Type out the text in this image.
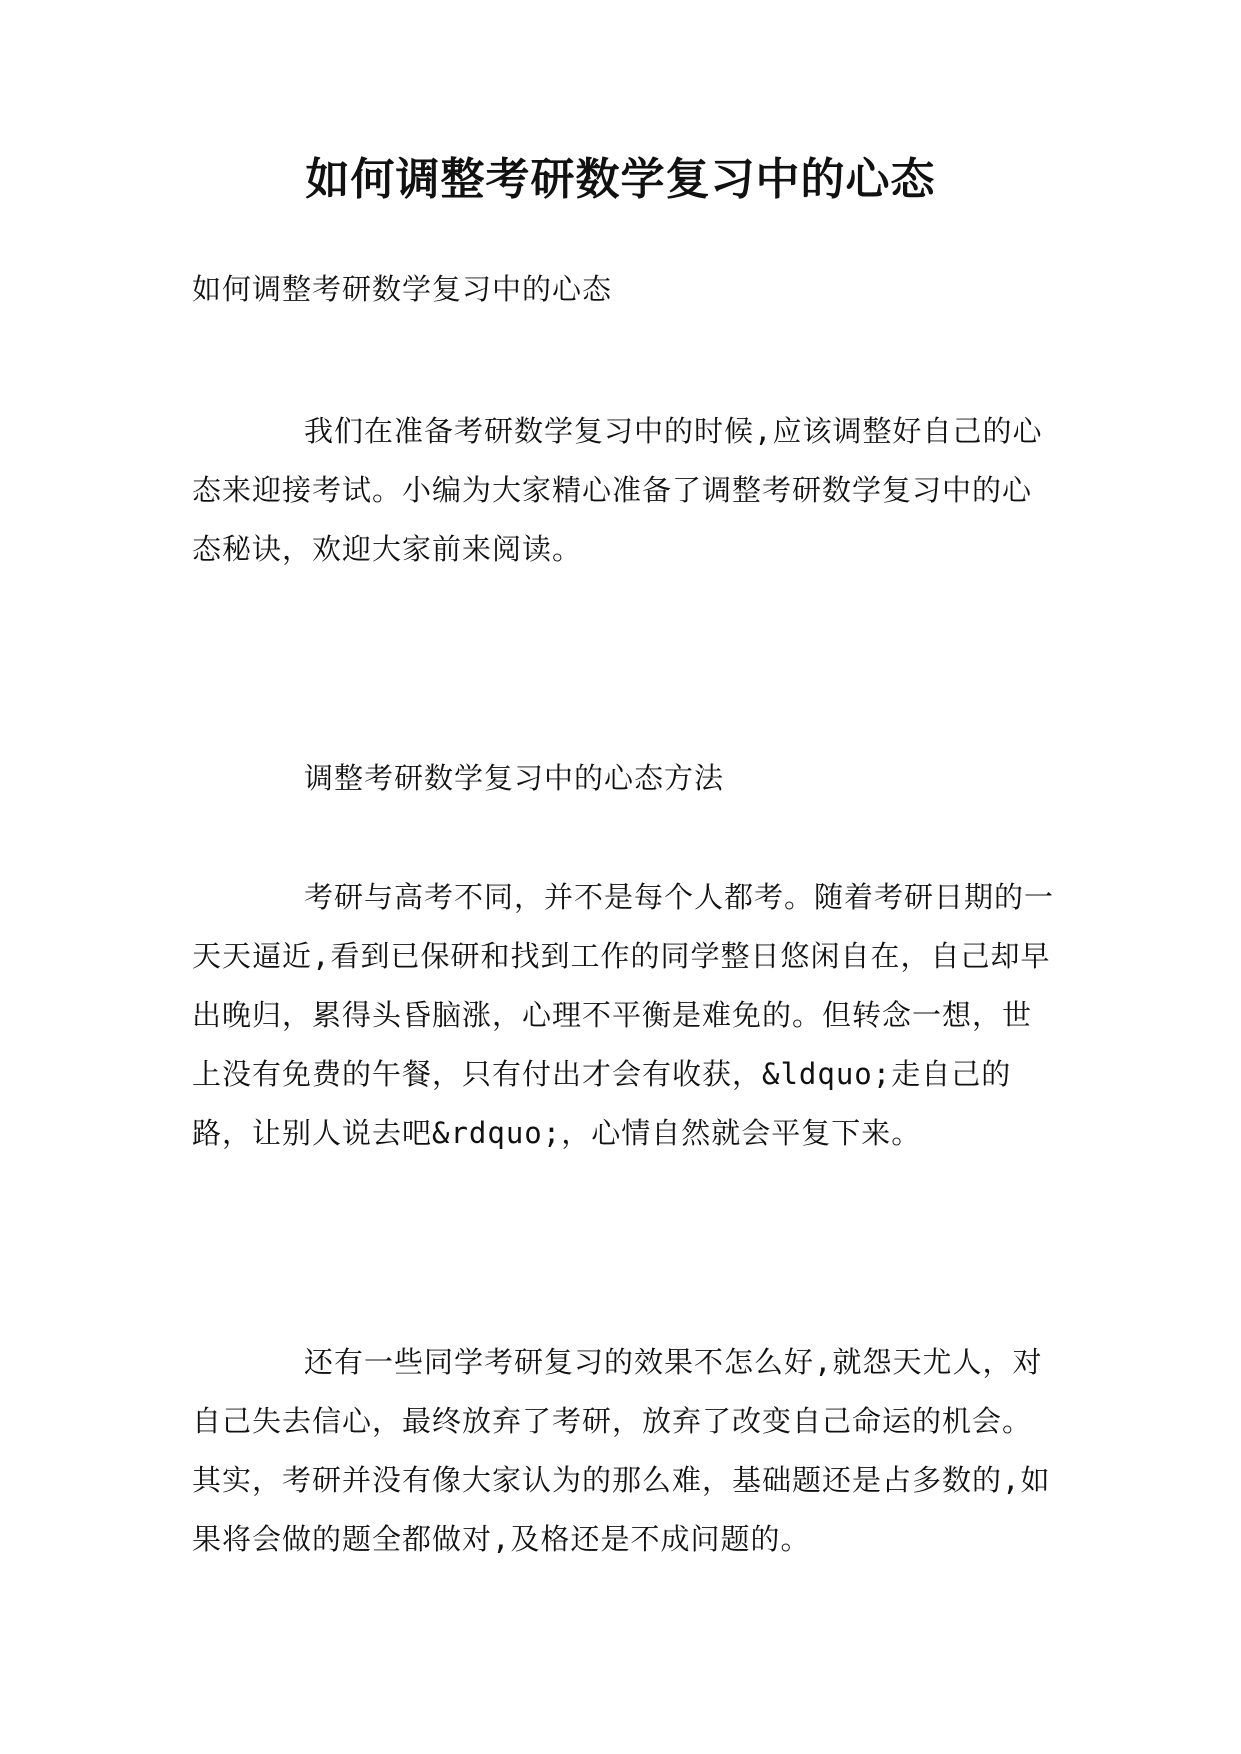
如何调整考研数学复习中的心态

如何调整考研数学复习中的心态

我们在准备考研数学复习中的时候,应该调整好自己的心态来迎接考试。小编为大家精心准备了调整考研数学复习中的心态秘诀，欢迎大家前来阅读。

调整考研数学复习中的心态方法

考研与高考不同，并不是每个人都考。随着考研日期的一天天逼近,看到已保研和找到工作的同学整日悠闲自在，自己却早出晚归，累得头昏脑涨，心理不平衡是难免的。但转念一想，世上没有免费的午餐，只有付出才会有收获，&ldquo;走自己的路，让别人说去吧&rdquo;，心情自然就会平复下来。

还有一些同学考研复习的效果不怎么好,就怨天尤人，对自己失去信心，最终放弃了考研，放弃了改变自己命运的机会。其实，考研并没有像大家认为的那么难，基础题还是占多数的,如果将会做的题全都做对,及格还是不成问题的。
